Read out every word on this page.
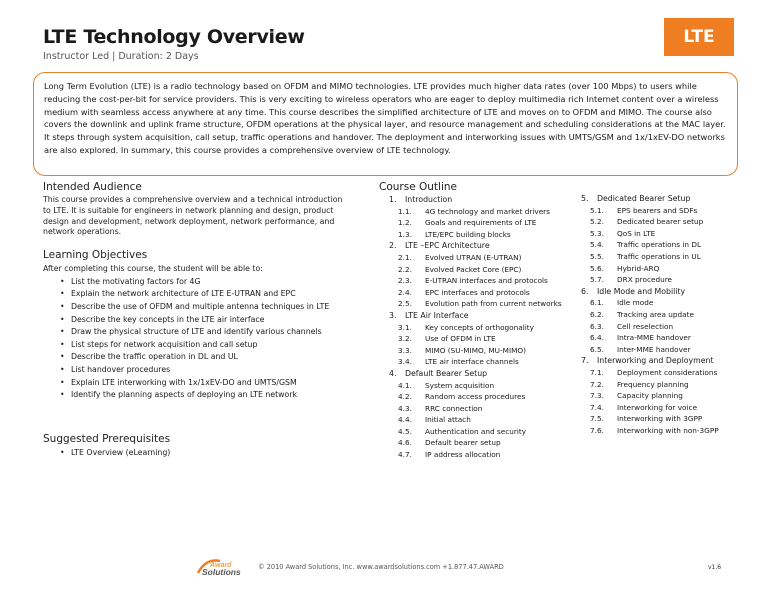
LTE Technology Overview
Instructor Led | Duration: 2 Days
LTE

Long Term Evolution (LTE) is a radio technology based on OFDM and MIMO technologies. LTE provides much higher data rates (over 100 Mbps) to users while reducing the cost-per-bit for service providers. This is very exciting to wireless operators who are eager to deploy multimedia rich Internet content over a wireless medium with seamless access anywhere at any time. This course describes the simplified architecture of LTE and moves on to OFDM and MIMO. The course also covers the downlink and uplink frame structure, OFDM operations at the physical layer, and resource management and scheduling considerations at the MAC layer. It steps through system acquisition, call setup, traffic operations and handover. The deployment and interworking issues with UMTS/GSM and 1x/1xEV-DO networks are also explored. In summary, this course provides a comprehensive overview of LTE technology.

Intended Audience
This course provides a comprehensive overview and a technical introduction to LTE. It is suitable for engineers in network planning and design, product design and development, network deployment, network performance, and network operations.
Learning Objectives
After completing this course, the student will be able to:
• List the motivating factors for 4G
• Explain the network architecture of LTE E-UTRAN and EPC
• Describe the use of OFDM and multiple antenna techniques in LTE
• Describe the key concepts in the LTE air interface
• Draw the physical structure of LTE and identify various channels
• List steps for network acquisition and call setup
• Describe the traffic operation in DL and UL
• List handover procedures
• Explain LTE interworking with 1x/1xEV-DO and UMTS/GSM
• Identify the planning aspects of deploying an LTE network
Suggested Prerequisites
• LTE Overview (eLearning)
Course Outline
1. Introduction
1.1. 4G technology and market drivers
1.2. Goals and requirements of LTE
1.3. LTE/EPC building blocks
2. LTE –EPC Architecture
2.1. Evolved UTRAN (E-UTRAN)
2.2. Evolved Packet Core (EPC)
2.3. E-UTRAN interfaces and protocols
2.4. EPC interfaces and protocols
2.5. Evolution path from current networks
3. LTE Air Interface
3.1. Key concepts of orthogonality
3.2. Use of OFDM in LTE
3.3. MIMO (SU-MIMO, MU-MIMO)
3.4. LTE air interface channels
4. Default Bearer Setup
4.1. System acquisition
4.2. Random access procedures
4.3. RRC connection
4.4. Initial attach
4.5. Authentication and security
4.6. Default bearer setup
4.7. IP address allocation
5. Dedicated Bearer Setup
5.1. EPS bearers and SDFs
5.2. Dedicated bearer setup
5.3. QoS in LTE
5.4. Traffic operations in DL
5.5. Traffic operations in UL
5.6. Hybrid-ARQ
5.7. DRX procedure
6. Idle Mode and Mobility
6.1. Idle mode
6.2. Tracking area update
6.3. Cell reselection
6.4. Intra-MME handover
6.5. Inter-MME handover
7. Interworking and Deployment
7.1. Deployment considerations
7.2. Frequency planning
7.3. Capacity planning
7.4. Interworking for voice
7.5. Interworking with 3GPP
7.6. Interworking with non-3GPP
Award
Solutions	© 2010 Award Solutions, Inc. www.awardsolutions.com +1.877.47.AWARD	v1.6
